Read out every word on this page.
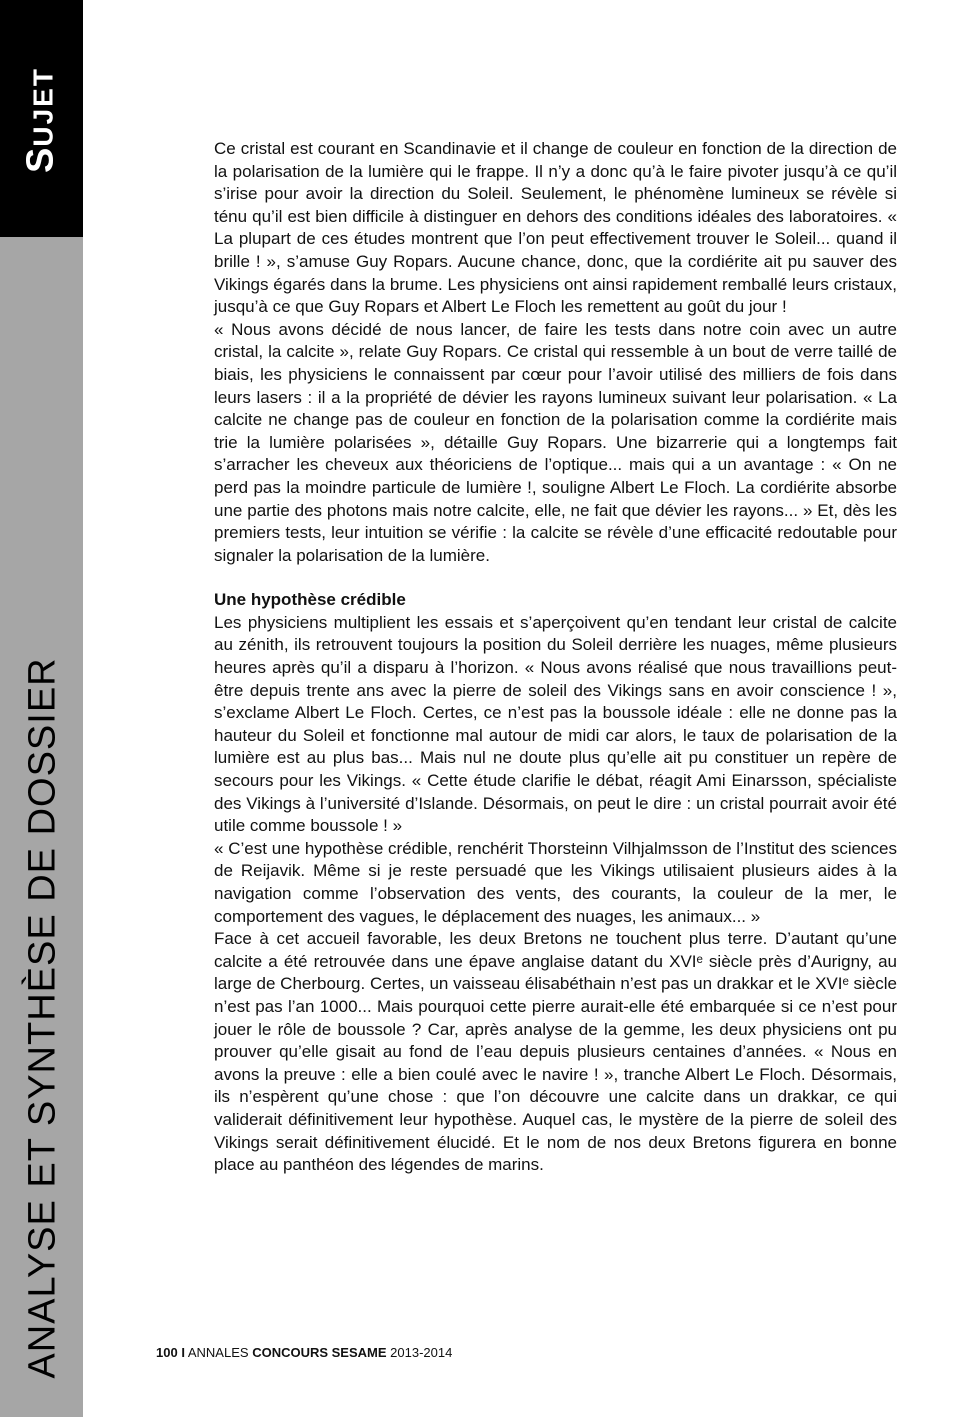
SUJET
ANALYSE ET SYNTHÈSE DE DOSSIER

Ce cristal est courant en Scandinavie et il change de couleur en fonction de la direction de la polarisation de la lumière qui le frappe. Il n’y a donc qu’à le faire pivoter jusqu’à ce qu’il s’irise pour avoir la direction du Soleil. Seulement, le phénomène lumineux se révèle si ténu qu’il est bien difficile à distinguer en dehors des conditions idéales des laboratoires. « La plupart de ces études montrent que l’on peut effectivement trouver le Soleil... quand il brille ! », s’amuse Guy Ropars. Aucune chance, donc, que la cordiérite ait pu sauver des Vikings égarés dans la brume. Les physiciens ont ainsi rapidement remballé leurs cristaux, jusqu’à ce que Guy Ropars et Albert Le Floch les remettent au goût du jour !

« Nous avons décidé de nous lancer, de faire les tests dans notre coin avec un autre cristal, la calcite », relate Guy Ropars. Ce cristal qui ressemble à un bout de verre taillé de biais, les physiciens le connaissent par cœur pour l’avoir utilisé des milliers de fois dans leurs lasers : il a la propriété de dévier les rayons lumineux suivant leur polarisation. « La calcite ne change pas de couleur en fonction de la polarisation comme la cordiérite mais trie la lumière polarisées », détaille Guy Ropars. Une bizarrerie qui a longtemps fait s’arracher les cheveux aux théoriciens de l’optique... mais qui a un avantage : « On ne perd pas la moindre particule de lumière !, souligne Albert Le Floch. La cordiérite absorbe une partie des photons mais notre calcite, elle, ne fait que dévier les rayons... » Et, dès les premiers tests, leur intuition se vérifie : la calcite se révèle d’une efficacité redoutable pour signaler la polarisation de la lumière.

Une hypothèse crédible

Les physiciens multiplient les essais et s’aperçoivent qu’en tendant leur cristal de calcite au zénith, ils retrouvent toujours la position du Soleil derrière les nuages, même plusieurs heures après qu’il a disparu à l’horizon. « Nous avons réalisé que nous travaillions peut-être depuis trente ans avec la pierre de soleil des Vikings sans en avoir conscience ! », s’exclame Albert Le Floch. Certes, ce n’est pas la boussole idéale : elle ne donne pas la hauteur du Soleil et fonctionne mal autour de midi car alors, le taux de polarisation de la lumière est au plus bas... Mais nul ne doute plus qu’elle ait pu constituer un repère de secours pour les Vikings. « Cette étude clarifie le débat, réagit Ami Einarsson, spécialiste des Vikings à l’université d’Islande. Désormais, on peut le dire : un cristal pourrait avoir été utile comme boussole ! »

« C’est une hypothèse crédible, renchérit Thorsteinn Vilhjalmsson de l’Institut des sciences de Reijavik. Même si je reste persuadé que les Vikings utilisaient plusieurs aides à la navigation comme l’observation des vents, des courants, la couleur de la mer, le comportement des vagues, le déplacement des nuages, les animaux... »

Face à cet accueil favorable, les deux Bretons ne touchent plus terre. D’autant qu’une calcite a été retrouvée dans une épave anglaise datant du XVIᵉ siècle près d’Aurigny, au large de Cherbourg. Certes, un vaisseau élisabéthain n’est pas un drakkar et le XVIᵉ siècle n’est pas l’an 1000... Mais pourquoi cette pierre aurait-elle été embarquée si ce n’est pour jouer le rôle de boussole ? Car, après analyse de la gemme, les deux physiciens ont pu prouver qu’elle gisait au fond de l’eau depuis plusieurs centaines d’années. « Nous en avons la preuve : elle a bien coulé avec le navire ! », tranche Albert Le Floch. Désormais, ils n’espèrent qu’une chose : que l’on découvre une calcite dans un drakkar, ce qui validerait définitivement leur hypothèse. Auquel cas, le mystère de la pierre de soleil des Vikings serait définitivement élucidé. Et le nom de nos deux Bretons figurera en bonne place au panthéon des légendes de marins.

100 I ANNALES CONCOURS SESAME 2013-2014
